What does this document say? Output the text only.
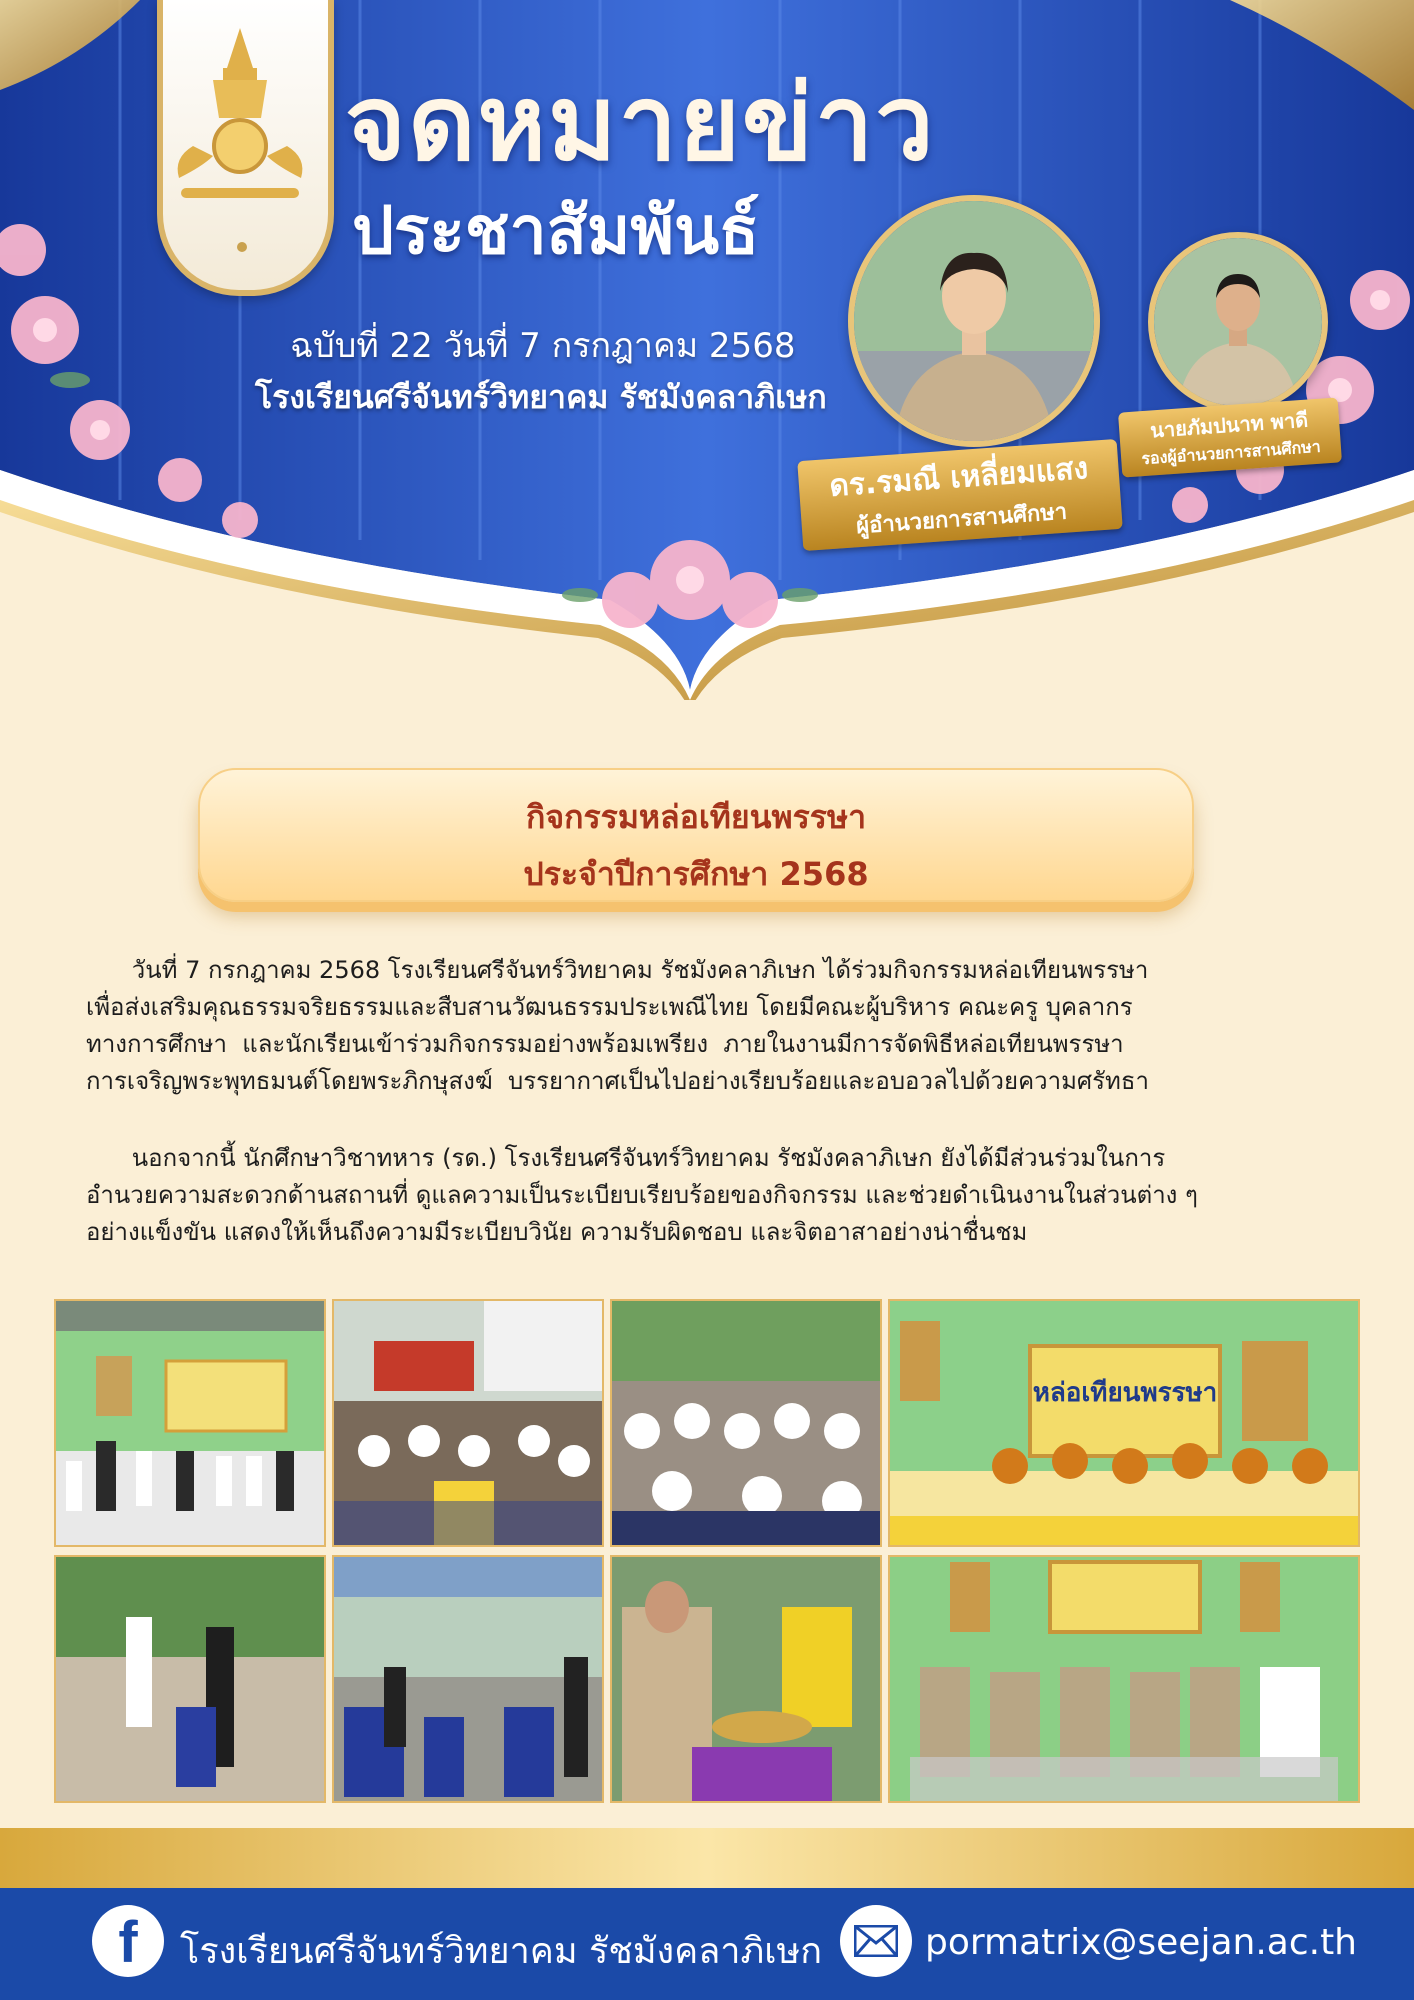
จดหมายข่าว
ประชาสัมพันธ์
ฉบับที่ 22 วันที่ 7 กรกฎาคม 2568
โรงเรียนศรีจันทร์วิทยาคม รัชมังคลาภิเษก
ดร.รมณี เหลี่ยมแสง
ผู้อำนวยการสานศึกษา
นายภัมปนาท พาดี
รองผู้อำนวยการสานศึกษา
กิจกรรมหล่อเทียนพรรษา
ประจำปีการศึกษา 2568
วันที่ 7 กรกฎาคม 2568 โรงเรียนศรีจันทร์วิทยาคม รัชมังคลาภิเษก ได้ร่วมกิจกรรมหล่อเทียนพรรษา
เพื่อส่งเสริมคุณธรรมจริยธรรมและสืบสานวัฒนธรรมประเพณีไทย โดยมีคณะผู้บริหาร คณะครู บุคลากร
ทางการศึกษา  และนักเรียนเข้าร่วมกิจกรรมอย่างพร้อมเพรียง  ภายในงานมีการจัดพิธีหล่อเทียนพรรษา
การเจริญพระพุทธมนต์โดยพระภิกษุสงฆ์  บรรยากาศเป็นไปอย่างเรียบร้อยและอบอวลไปด้วยความศรัทธา
นอกจากนี้ นักศึกษาวิชาทหาร (รด.) โรงเรียนศรีจันทร์วิทยาคม รัชมังคลาภิเษก ยังได้มีส่วนร่วมในการ
อำนวยความสะดวกด้านสถานที่ ดูแลความเป็นระเบียบเรียบร้อยของกิจกรรม และช่วยดำเนินงานในส่วนต่าง ๆ
อย่างแข็งขัน แสดงให้เห็นถึงความมีระเบียบวินัย ความรับผิดชอบ และจิตอาสาอย่างน่าชื่นชม
หล่อเทียนพรรษา
f	โรงเรียนศรีจันทร์วิทยาคม รัชมังคลาภิเษก	pormatrix@seejan.ac.th
